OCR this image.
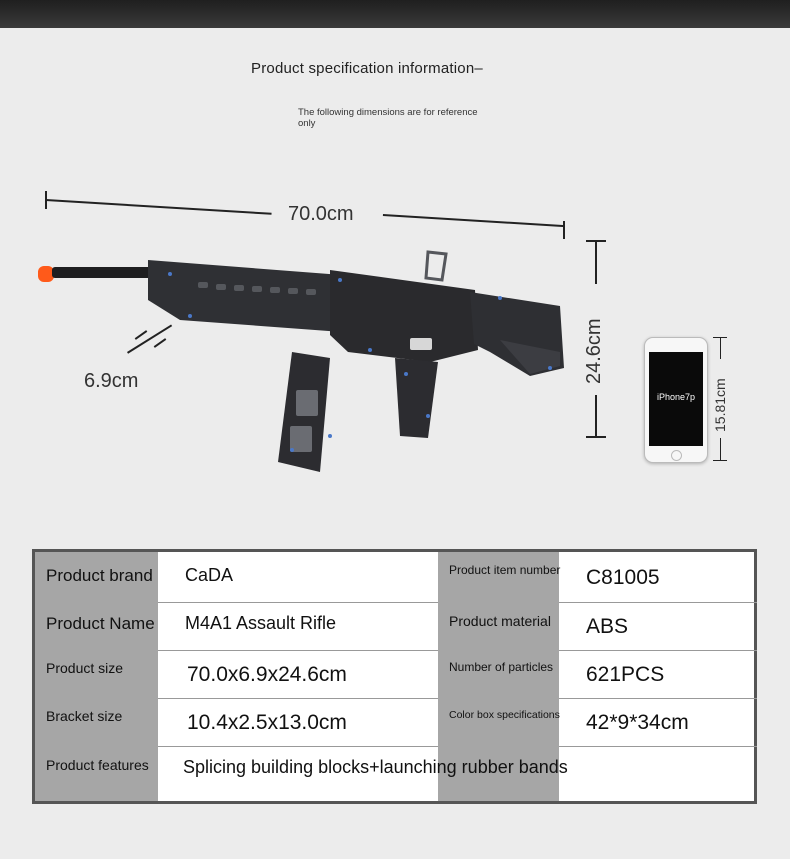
Product specification information–
The following dimensions are for reference only
70.0cm
6.9cm	24.6cm
iPhone7p	15.81cm
Product brand CaDA	Product item number C81005
Product Name M4A1 Assault Rifle	Product material ABS
Product size	70.0x6.9x24.6cm	Number of particles 621PCS
Bracket size	10.4x2.5x13.0cm	Color box specifications 42*9*34cm
Product features Splicing building blocks+launching rubber bands
